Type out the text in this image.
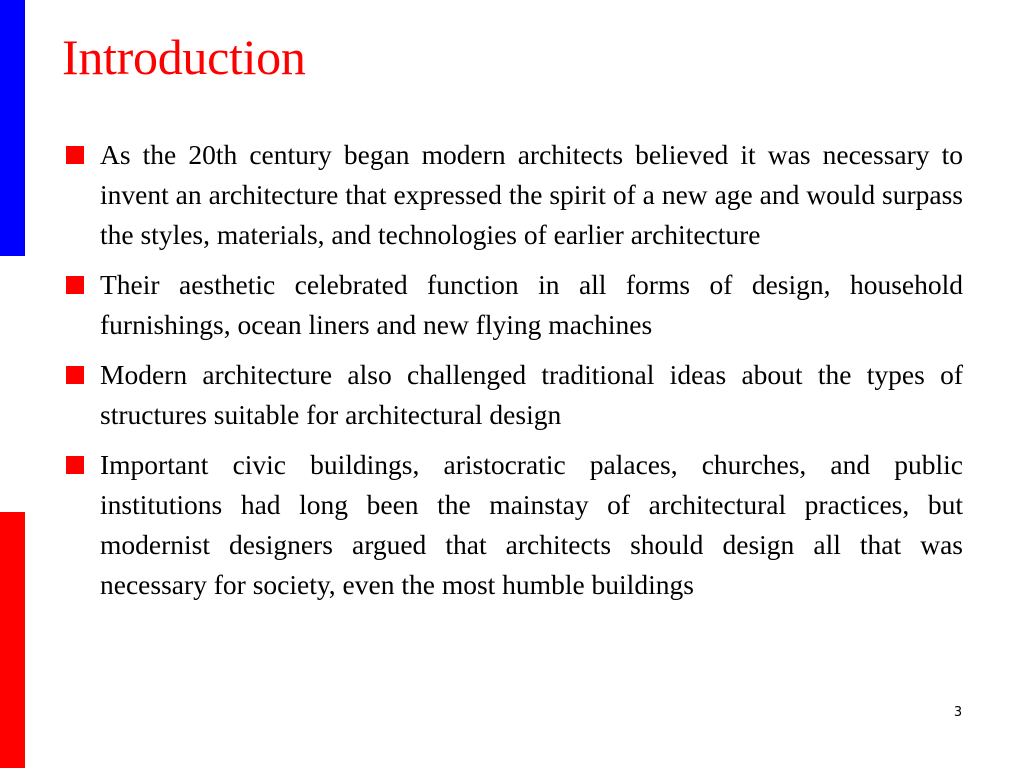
Introduction
As the 20th century began modern architects believed it was necessary to invent an architecture that expressed the spirit of a new age and would surpass the styles, materials, and technologies of earlier architecture
Their aesthetic celebrated function in all forms of design, household furnishings, ocean liners and new flying machines
Modern architecture also challenged traditional ideas about the types of structures suitable for architectural design
Important civic buildings, aristocratic palaces, churches, and public institutions had long been the mainstay of architectural practices, but modernist designers argued that architects should design all that was necessary for society, even the most humble buildings
3
